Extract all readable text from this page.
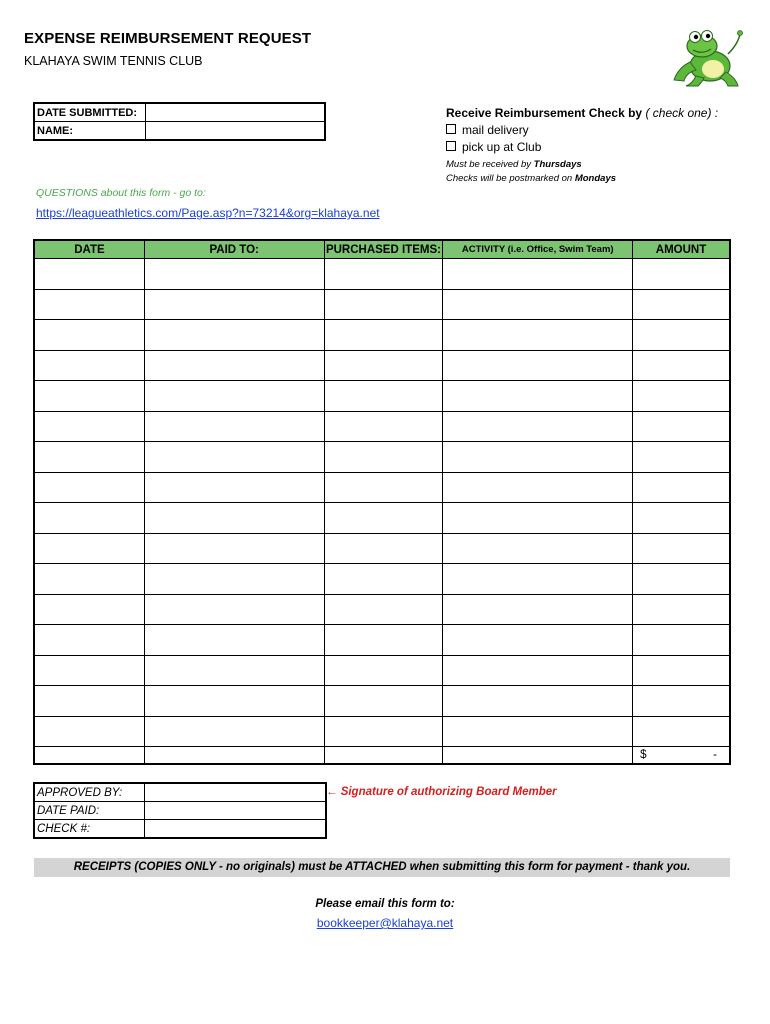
EXPENSE REIMBURSEMENT REQUEST
KLAHAYA SWIM TENNIS CLUB
DATE SUBMITTED:	
NAME:	
Receive Reimbursement Check by ( check one) :
mail delivery
pick up at Club
Must be received by Thursdays
Checks will be postmarked on Mondays
QUESTIONS about this form - go to:
https://leagueathletics.com/Page.asp?n=73214&org=klahaya.net
DATE	PAID TO:	PURCHASED ITEMS:	ACTIVITY (i.e. Office, Swim Team)	AMOUNT

				$ -
APPROVED BY:	
DATE PAID:	
CHECK #:	
← Signature of authorizing Board Member
RECEIPTS (COPIES ONLY - no originals) must be ATTACHED when submitting this form for payment - thank you.
Please email this form to:
bookkeeper@klahaya.net
